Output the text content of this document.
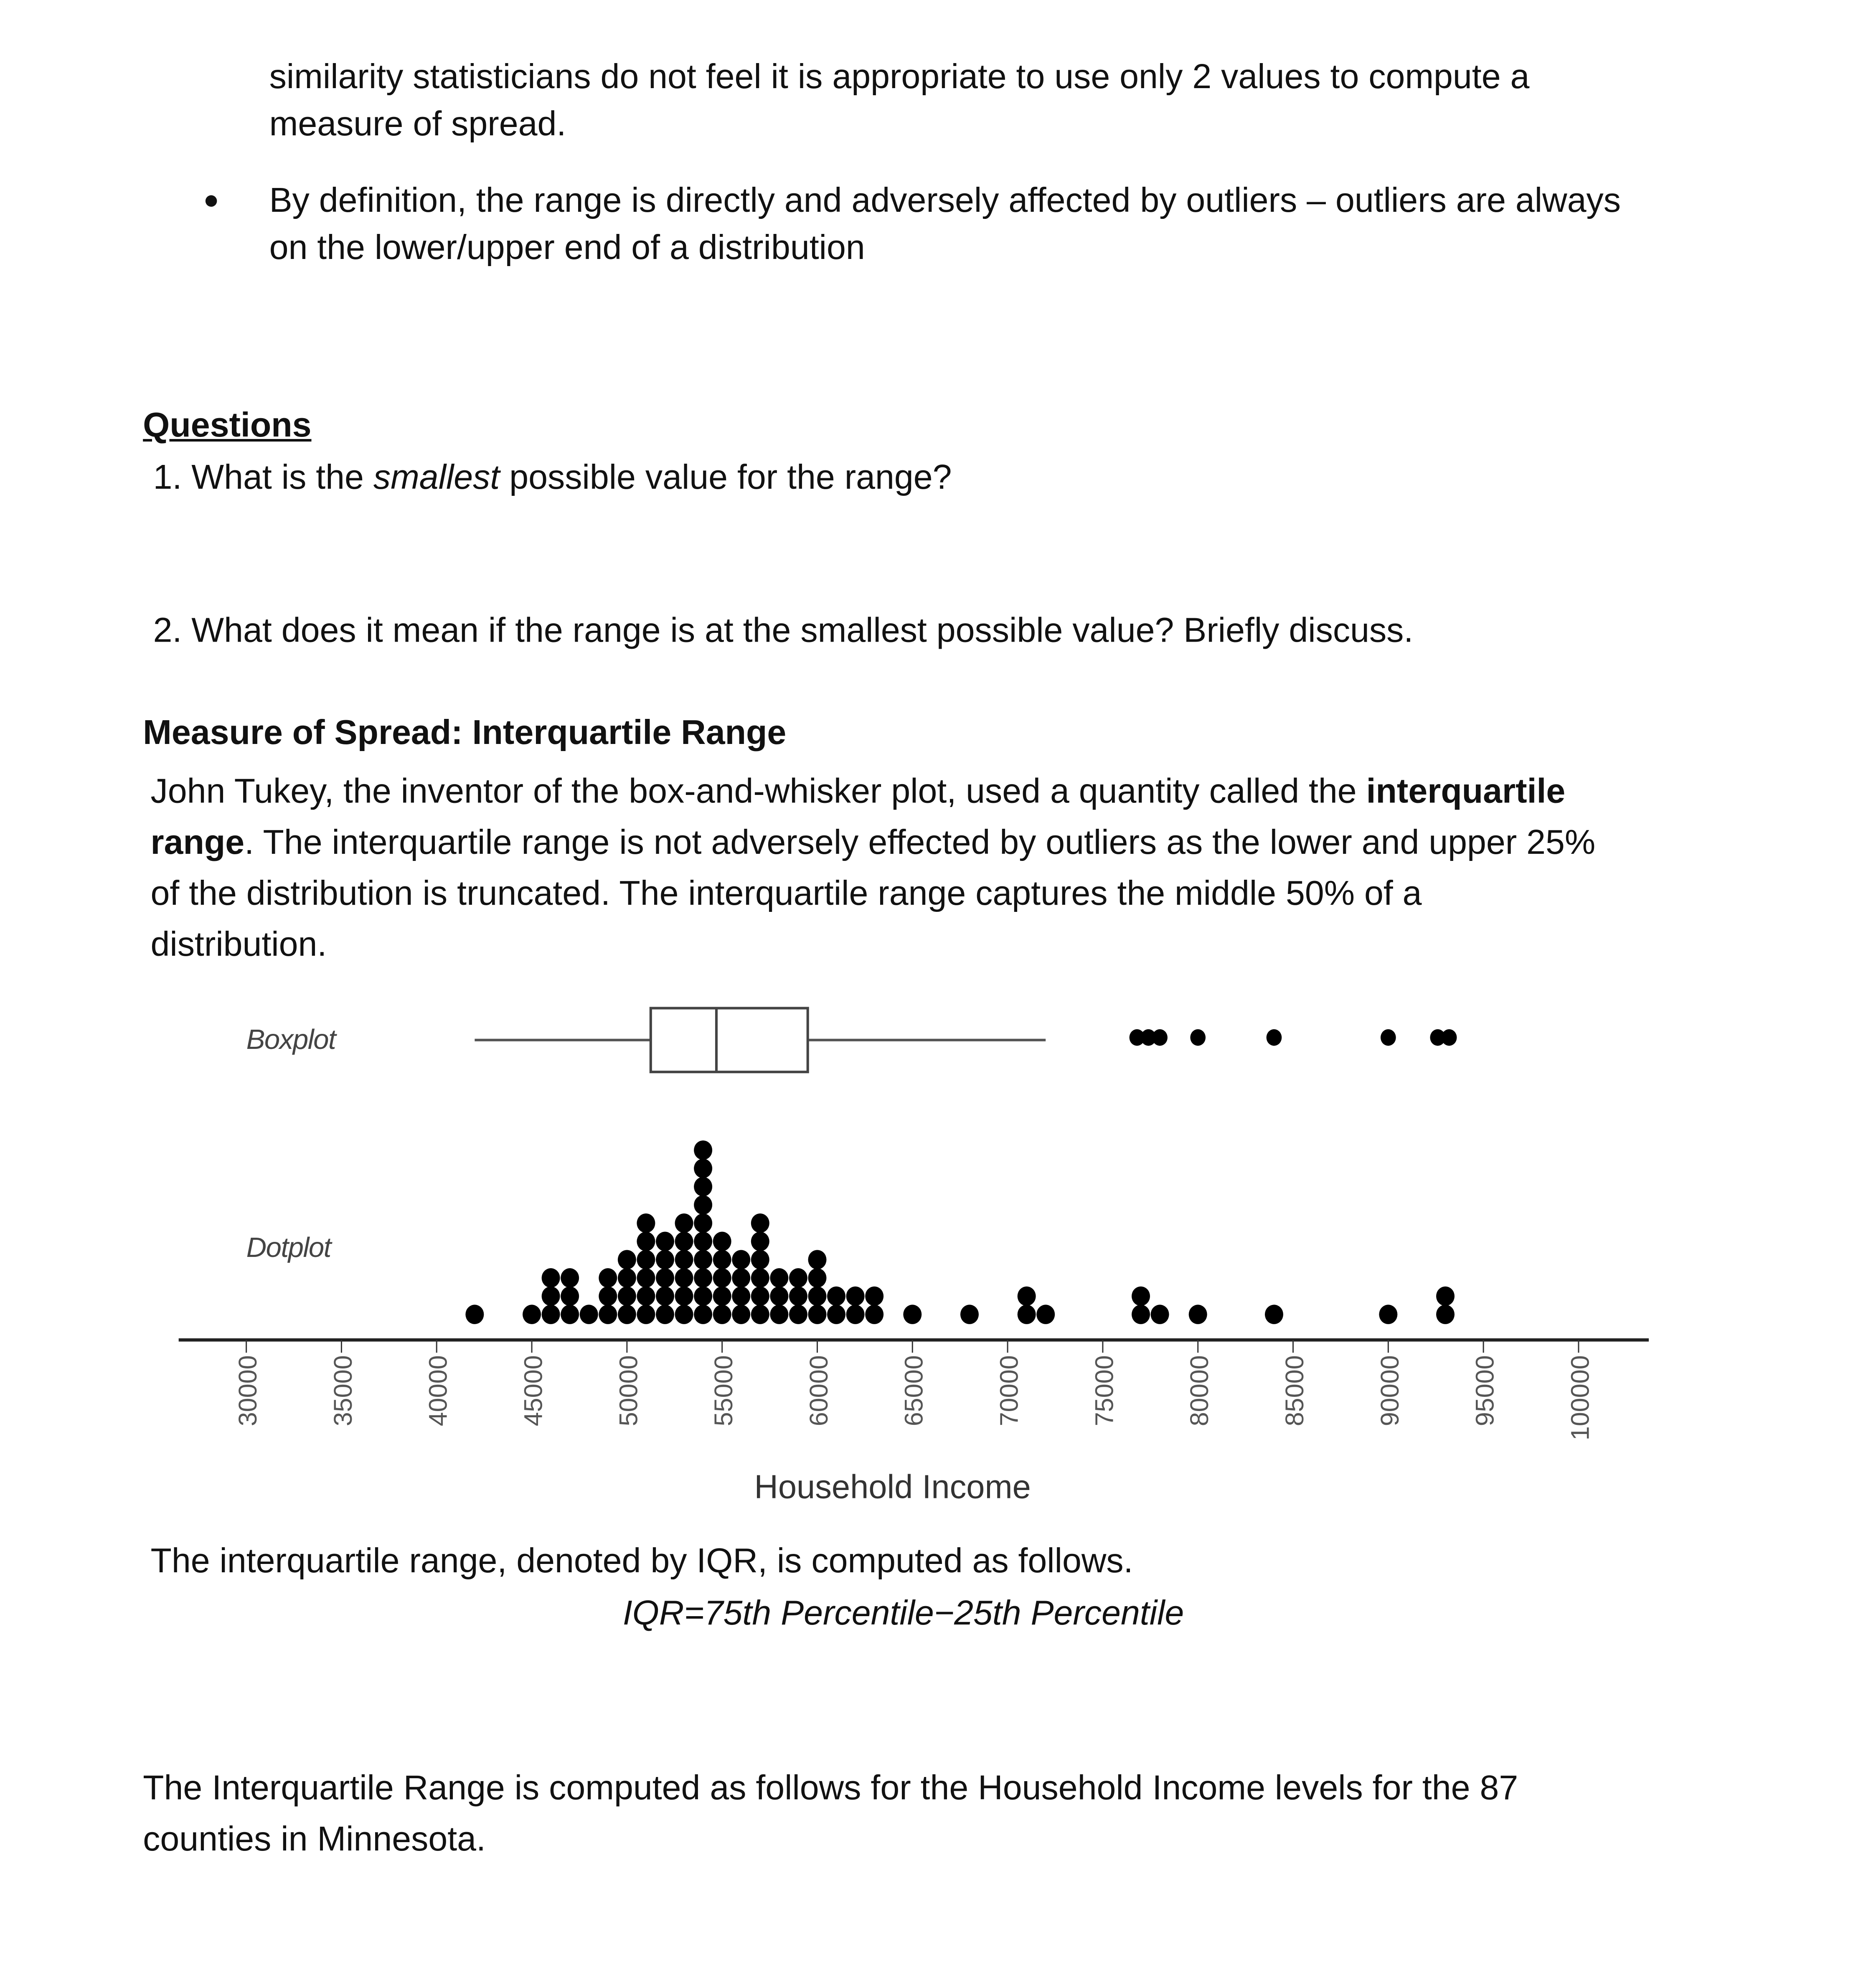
similarity statisticians do not feel it is appropriate to use only 2 values to compute a
measure of spread.
By definition, the range is directly and adversely affected by outliers – outliers are always
on the lower/upper end of a distribution
Questions
1. What is the smallest possible value for the range?
2. What does it mean if the range is at the smallest possible value? Briefly discuss.
Measure of Spread: Interquartile Range
John Tukey, the inventor of the box-and-whisker plot, used a quantity called the interquartile
range. The interquartile range is not adversely effected by outliers as the lower and upper 25%
of the distribution is truncated. The interquartile range captures the middle 50% of a
distribution.
Boxplot
Dotplot
30000	35000	40000	45000	50000	55000	60000	65000	70000	75000	80000	85000	90000	95000	100000
Household Income
The interquartile range, denoted by IQR, is computed as follows.
IQR=75th Percentile−25th Percentile
The Interquartile Range is computed as follows for the Household Income levels for the 87
counties in Minnesota.
